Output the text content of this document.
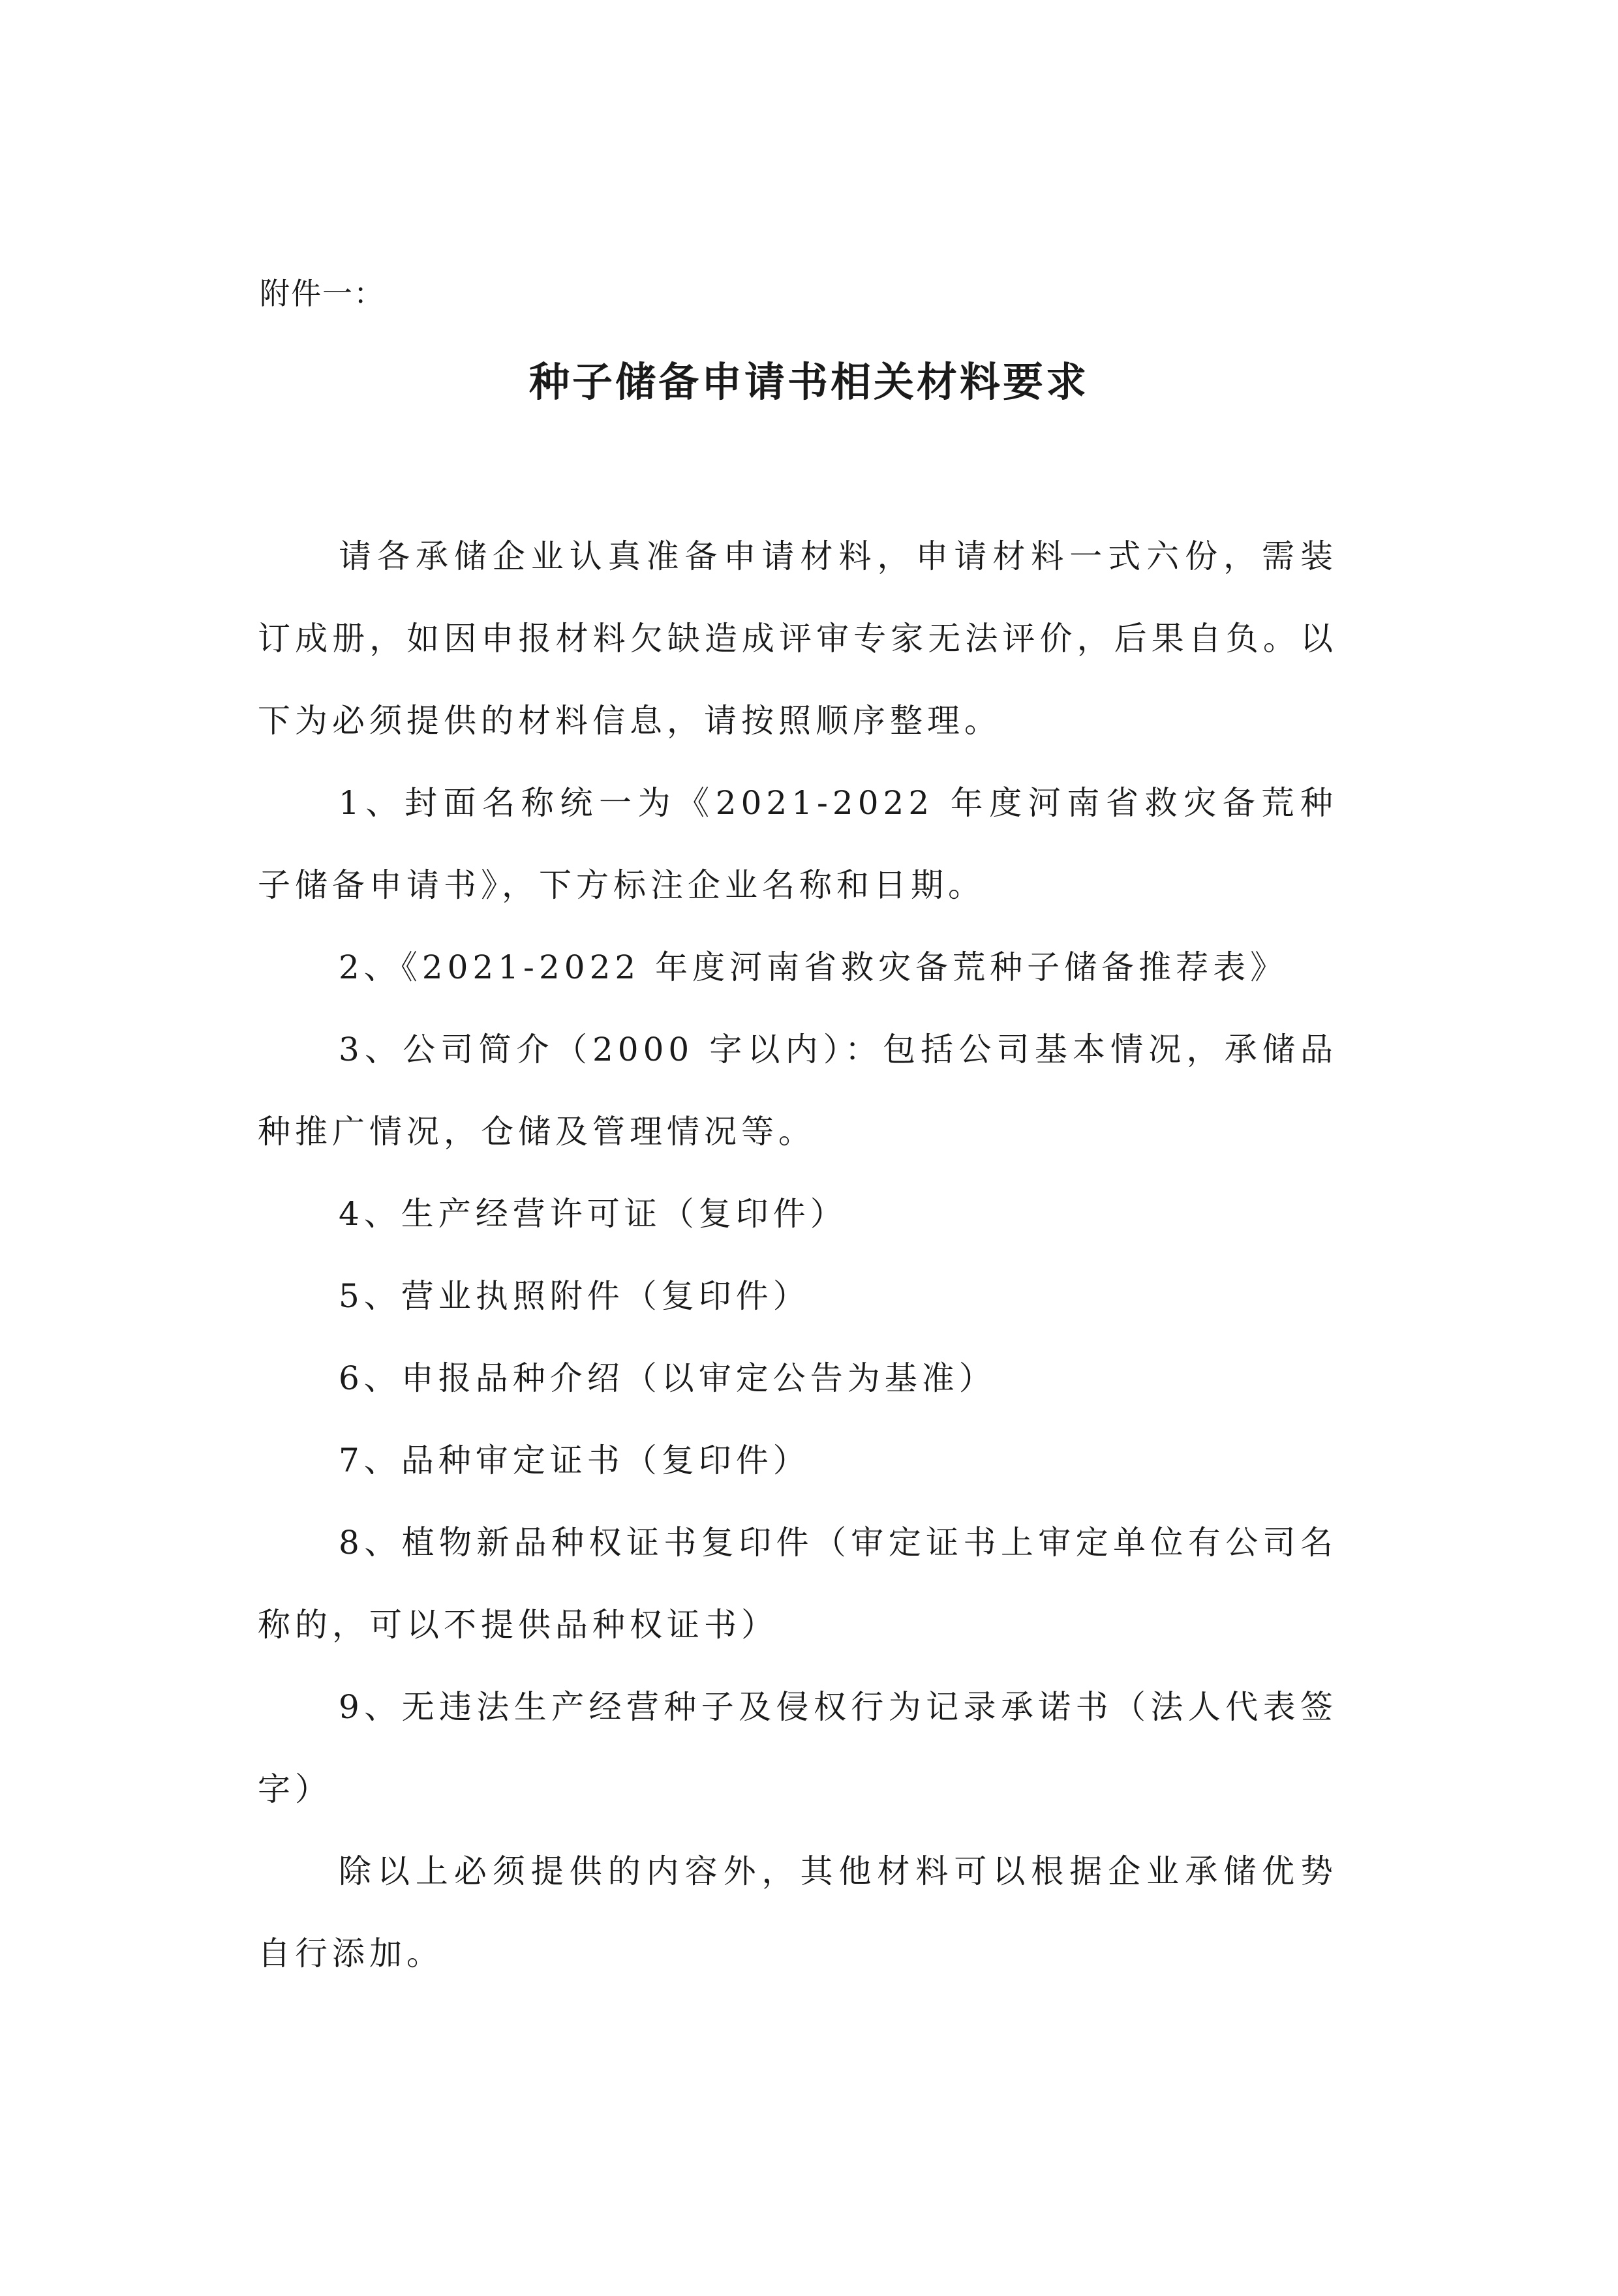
附件一：
种子储备申请书相关材料要求

请各承储企业认真准备申请材料，申请材料一式六份，需装订成册，如因申报材料欠缺造成评审专家无法评价，后果自负。以下为必须提供的材料信息，请按照顺序整理。

1、封面名称统一为《2021-2022 年度河南省救灾备荒种子储备申请书》，下方标注企业名称和日期。

2、《2021-2022 年度河南省救灾备荒种子储备推荐表》

3、公司简介（2000 字以内）：包括公司基本情况，承储品种推广情况，仓储及管理情况等。

4、生产经营许可证（复印件）

5、营业执照附件（复印件）

6、申报品种介绍（以审定公告为基准）

7、品种审定证书（复印件）

8、植物新品种权证书复印件（审定证书上审定单位有公司名称的，可以不提供品种权证书）

9、无违法生产经营种子及侵权行为记录承诺书（法人代表签字）

除以上必须提供的内容外，其他材料可以根据企业承储优势自行添加。
